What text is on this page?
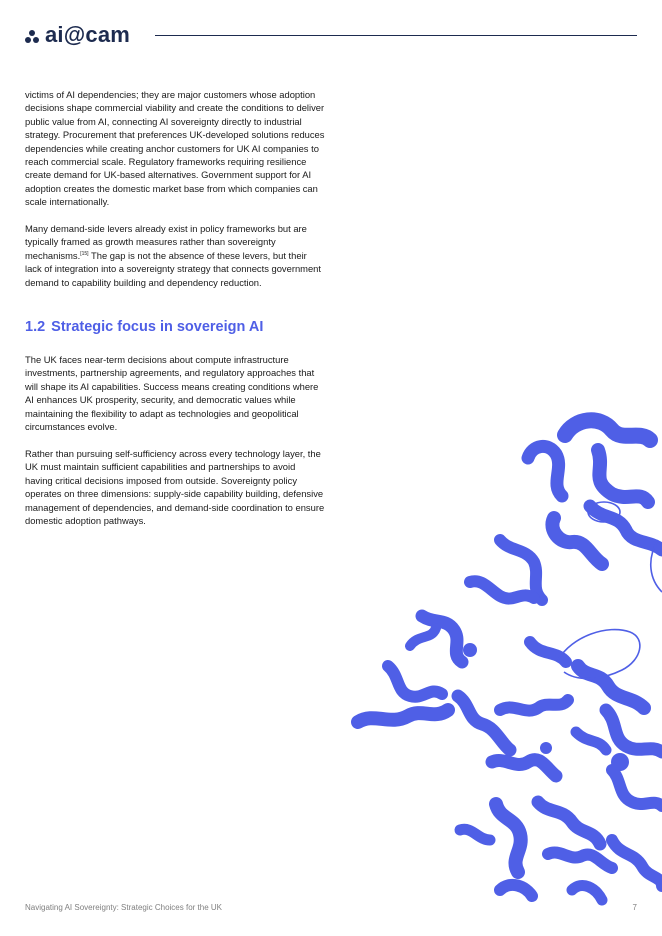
ai@cam

victims of AI dependencies; they are major customers whose adoption decisions shape commercial viability and create the conditions to deliver public value from AI, connecting AI sovereignty directly to industrial strategy. Procurement that preferences UK-developed solutions reduces dependencies while creating anchor customers for UK AI companies to reach commercial scale. Regulatory frameworks requiring resilience create demand for UK-based alternatives. Government support for AI adoption creates the domestic market base from which companies can scale internationally.

Many demand-side levers already exist in policy frameworks but are typically framed as growth measures rather than sovereignty mechanisms.[15] The gap is not the absence of these levers, but their lack of integration into a sovereignty strategy that connects government demand to capability building and dependency reduction.

1.2 Strategic focus in sovereign AI

The UK faces near-term decisions about compute infrastructure investments, partnership agreements, and regulatory approaches that will shape its AI capabilities. Success means creating conditions where AI enhances UK prosperity, security, and democratic values while maintaining the flexibility to adapt as technologies and geopolitical circumstances evolve.

Rather than pursuing self-sufficiency across every technology layer, the UK must maintain sufficient capabilities and partnerships to avoid having critical decisions imposed from outside. Sovereignty policy operates on three dimensions: supply-side capability building, defensive management of dependencies, and demand-side coordination to ensure domestic adoption pathways.

Navigating AI Sovereignty: Strategic Choices for the UK	7
